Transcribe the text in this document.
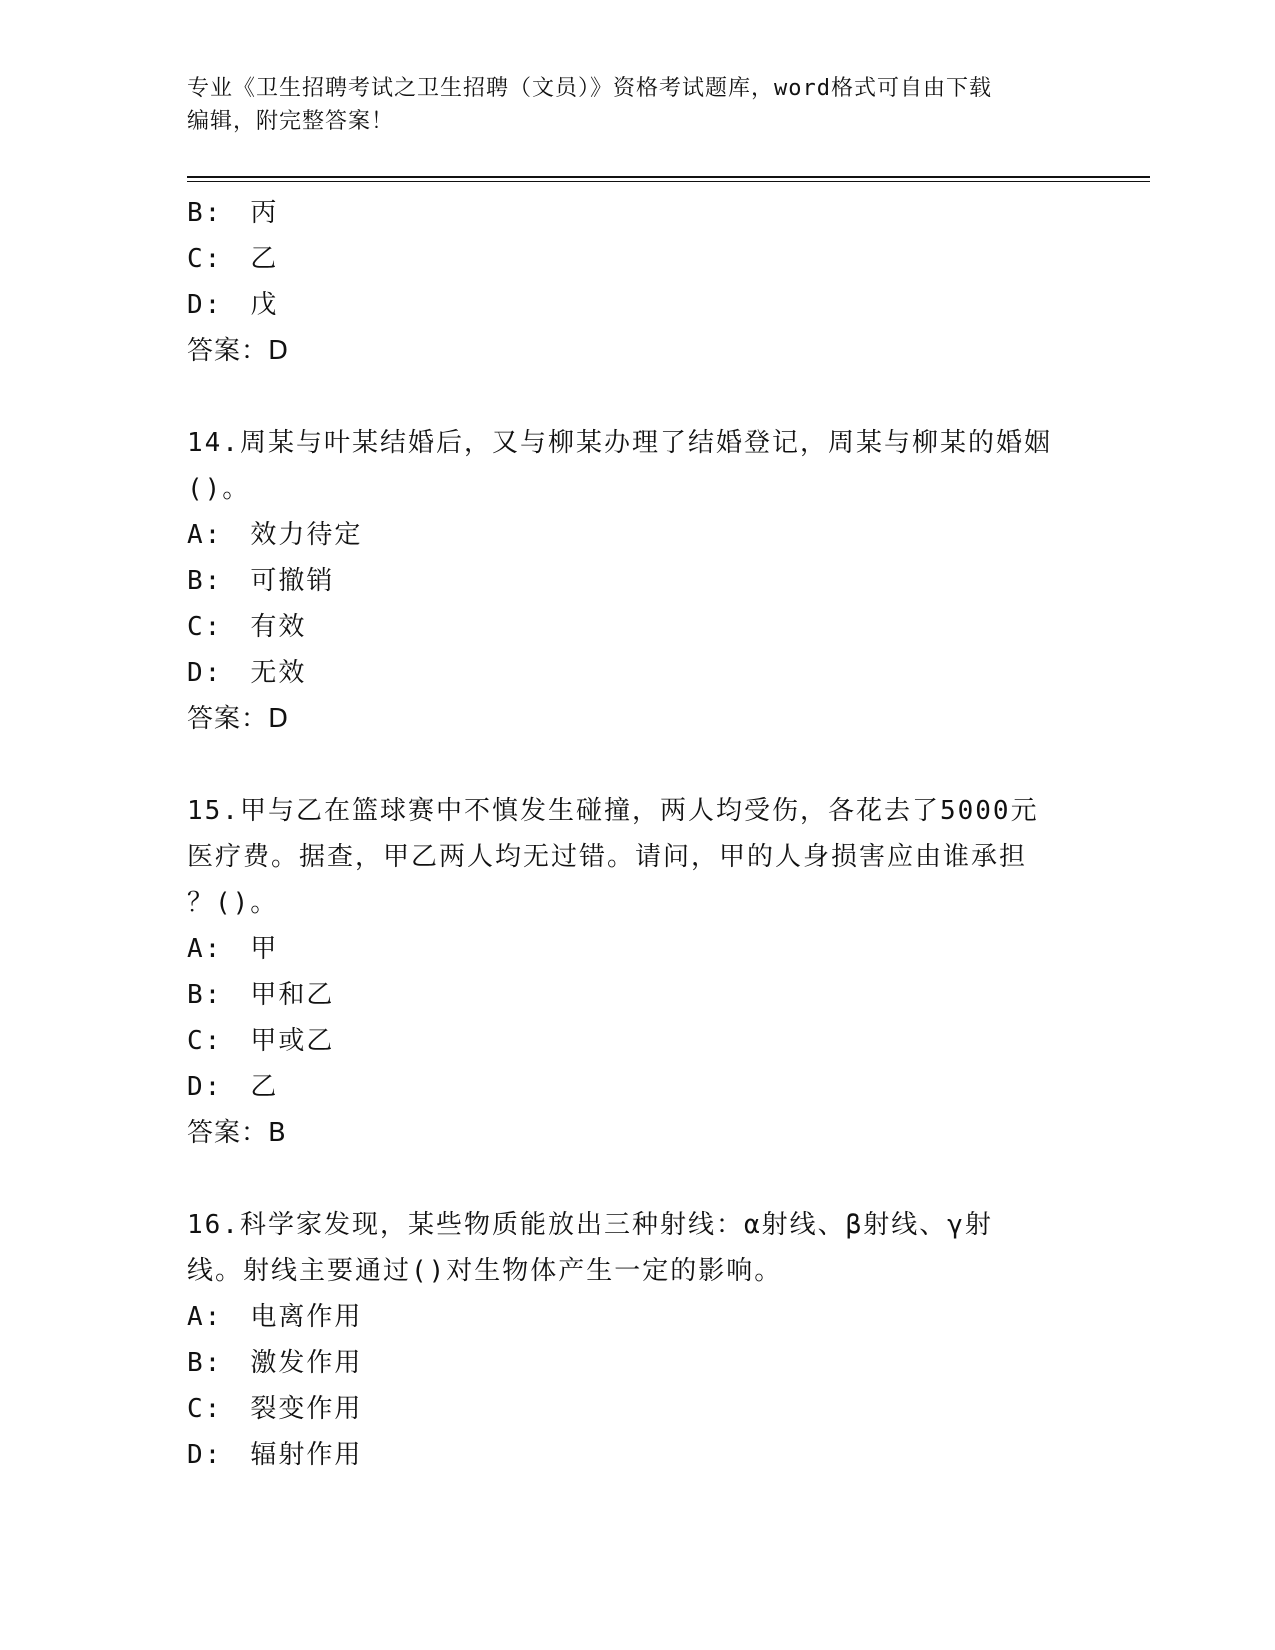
专业《卫生招聘考试之卫生招聘（文员）》资格考试题库，word格式可自由下载
编辑，附完整答案！
B: 丙
C: 乙
D: 戊
答案：D
14.周某与叶某结婚后，又与柳某办理了结婚登记，周某与柳某的婚姻
()。
A: 效力待定
B: 可撤销
C: 有效
D: 无效
答案：D
15.甲与乙在篮球赛中不慎发生碰撞，两人均受伤，各花去了5000元
医疗费。据查，甲乙两人均无过错。请问，甲的人身损害应由谁承担
？()。
A: 甲
B: 甲和乙
C: 甲或乙
D: 乙
答案：B
16.科学家发现，某些物质能放出三种射线：α射线、β射线、γ射
线。射线主要通过()对生物体产生一定的影响。
A: 电离作用
B: 激发作用
C: 裂变作用
D: 辐射作用
